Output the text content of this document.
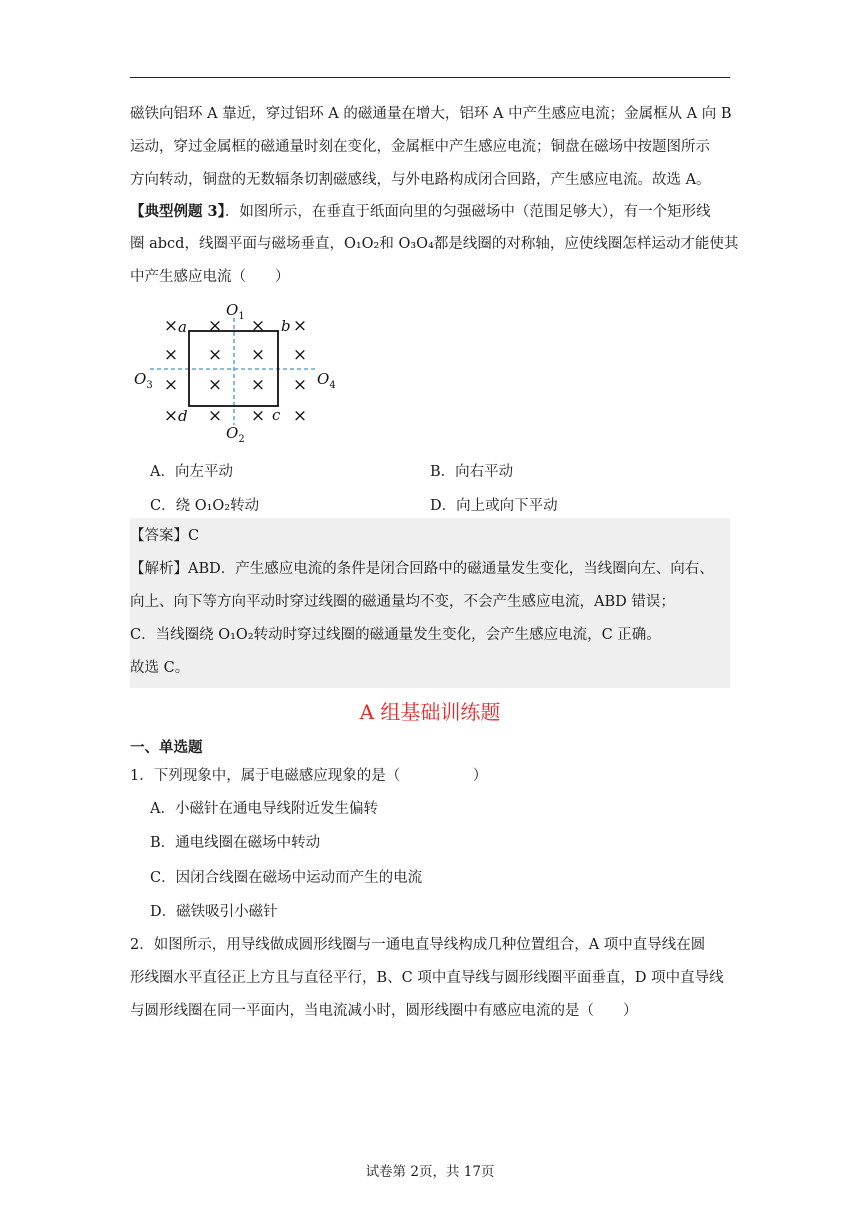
磁铁向铝环 A 靠近，穿过铝环 A 的磁通量在增大，铝环 A 中产生感应电流；金属框从 A 向 B
运动，穿过金属框的磁通量时刻在变化，金属框中产生感应电流；铜盘在磁场中按题图所示
方向转动，铜盘的无数辐条切割磁感线，与外电路构成闭合回路，产生感应电流。故选 A。
【典型例题 3】．如图所示，在垂直于纸面向里的匀强磁场中（范围足够大），有一个矩形线
圈 abcd，线圈平面与磁场垂直，O₁O₂和 O₃O₄都是线圈的对称轴，应使线圈怎样运动才能使其
中产生感应电流（　　）
× × × ×
× × × ×
× × × ×
× × × ×
a	b
c
d
$O_1$
$O_2$
$O_3$	$O_4$
A．向左平动	B．向右平动
C．绕 O₁O₂转动	D．向上或向下平动
【答案】C
【解析】ABD．产生感应电流的条件是闭合回路中的磁通量发生变化，当线圈向左、向右、
向上、向下等方向平动时穿过线圈的磁通量均不变，不会产生感应电流，ABD 错误；
C．当线圈绕 O₁O₂转动时穿过线圈的磁通量发生变化，会产生感应电流，C 正确。
故选 C。
A 组基础训练题
一、单选题
1．下列现象中，属于电磁感应现象的是（　　　　　）
A．小磁针在通电导线附近发生偏转
B．通电线圈在磁场中转动
C．因闭合线圈在磁场中运动而产生的电流
D．磁铁吸引小磁针
2．如图所示，用导线做成圆形线圈与一通电直导线构成几种位置组合，A 项中直导线在圆
形线圈水平直径正上方且与直径平行，B、C 项中直导线与圆形线圈平面垂直，D 项中直导线
与圆形线圈在同一平面内，当电流减小时，圆形线圈中有感应电流的是（　　）
试卷第 2页，共 17页
